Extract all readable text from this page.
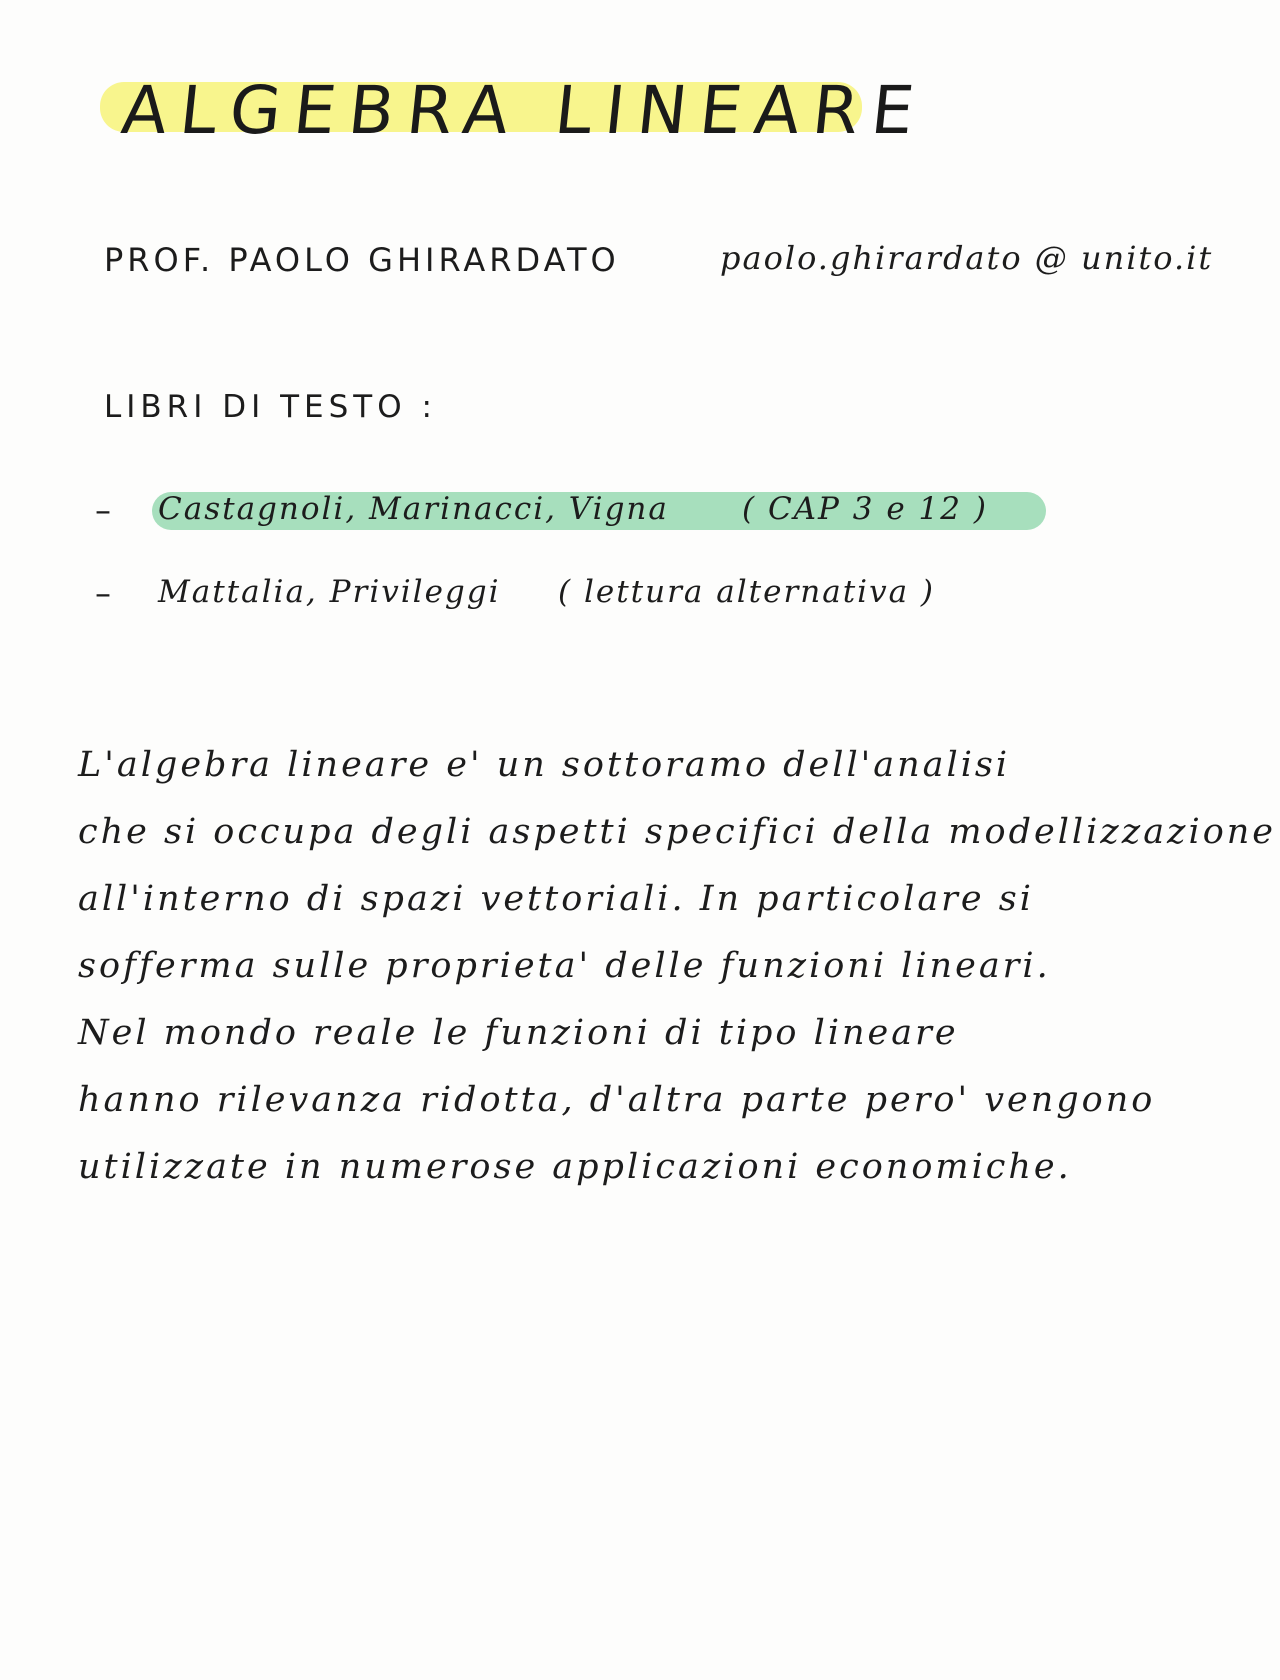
ALGEBRA LINEARE
PROF. PAOLO GHIRARDATO	paolo.ghirardato @ unito.it
LIBRI DI TESTO :
– Castagnoli, Marinacci, Vigna ( CAP 3 e 12 )
– Mattalia, Privileggi ( lettura alternativa )
L'algebra lineare e' un sottoramo dell'analisi
che si occupa degli aspetti specifici della modellizzazione
all'interno di spazi vettoriali. In particolare si
sofferma sulle proprieta' delle funzioni lineari.
Nel mondo reale le funzioni di tipo lineare
hanno rilevanza ridotta, d'altra parte pero' vengono
utilizzate in numerose applicazioni economiche.
